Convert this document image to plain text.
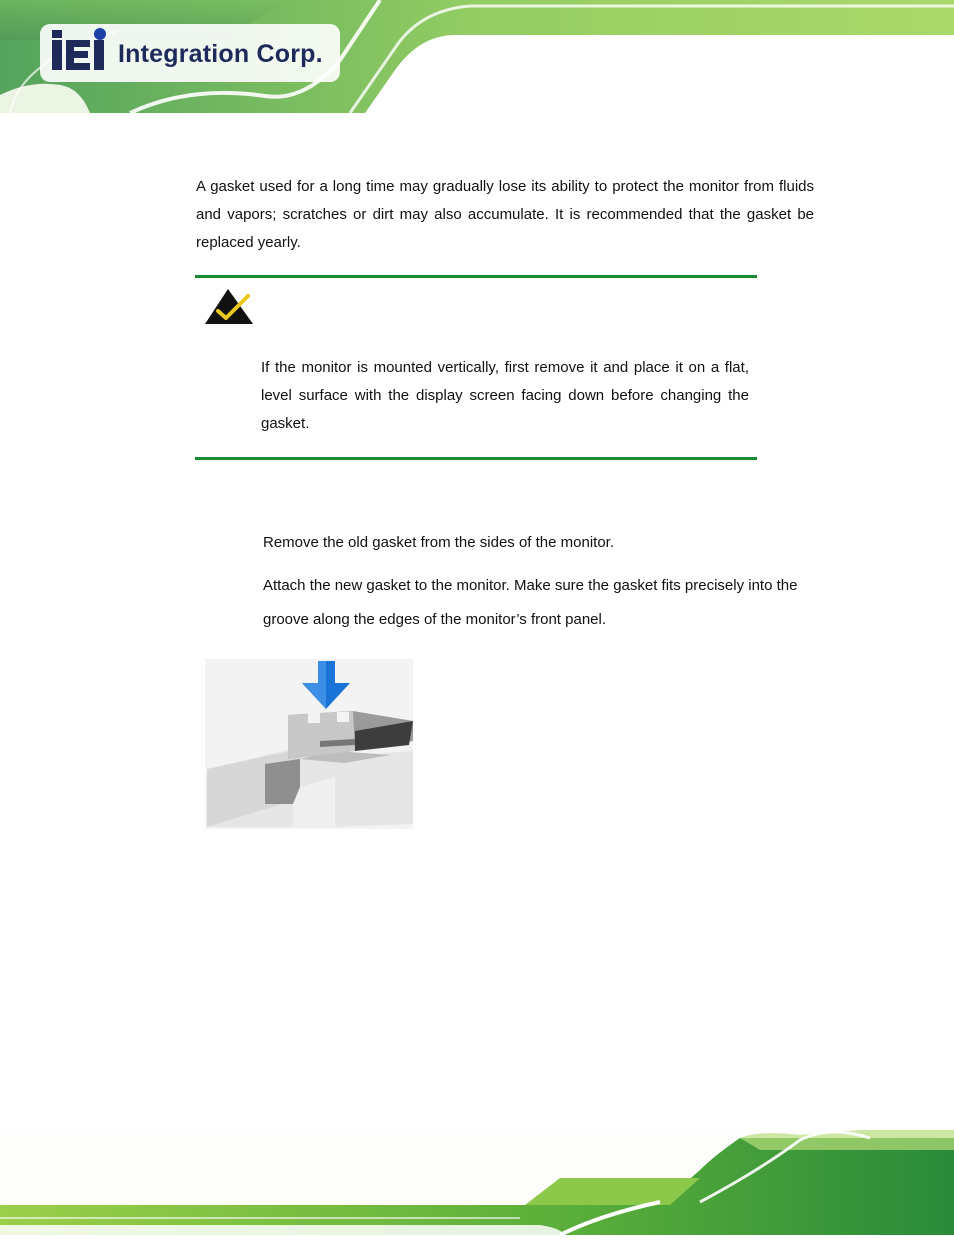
Integration Corp.
A gasket used for a long time may gradually lose its ability to protect the monitor from fluids and vapors; scratches or dirt may also accumulate. It is recommended that the gasket be replaced yearly.
If the monitor is mounted vertically, first remove it and place it on a flat, level surface with the display screen facing down before changing the gasket.
Remove the old gasket from the sides of the monitor.
Attach the new gasket to the monitor. Make sure the gasket fits precisely into the groove along the edges of the monitor’s front panel.
